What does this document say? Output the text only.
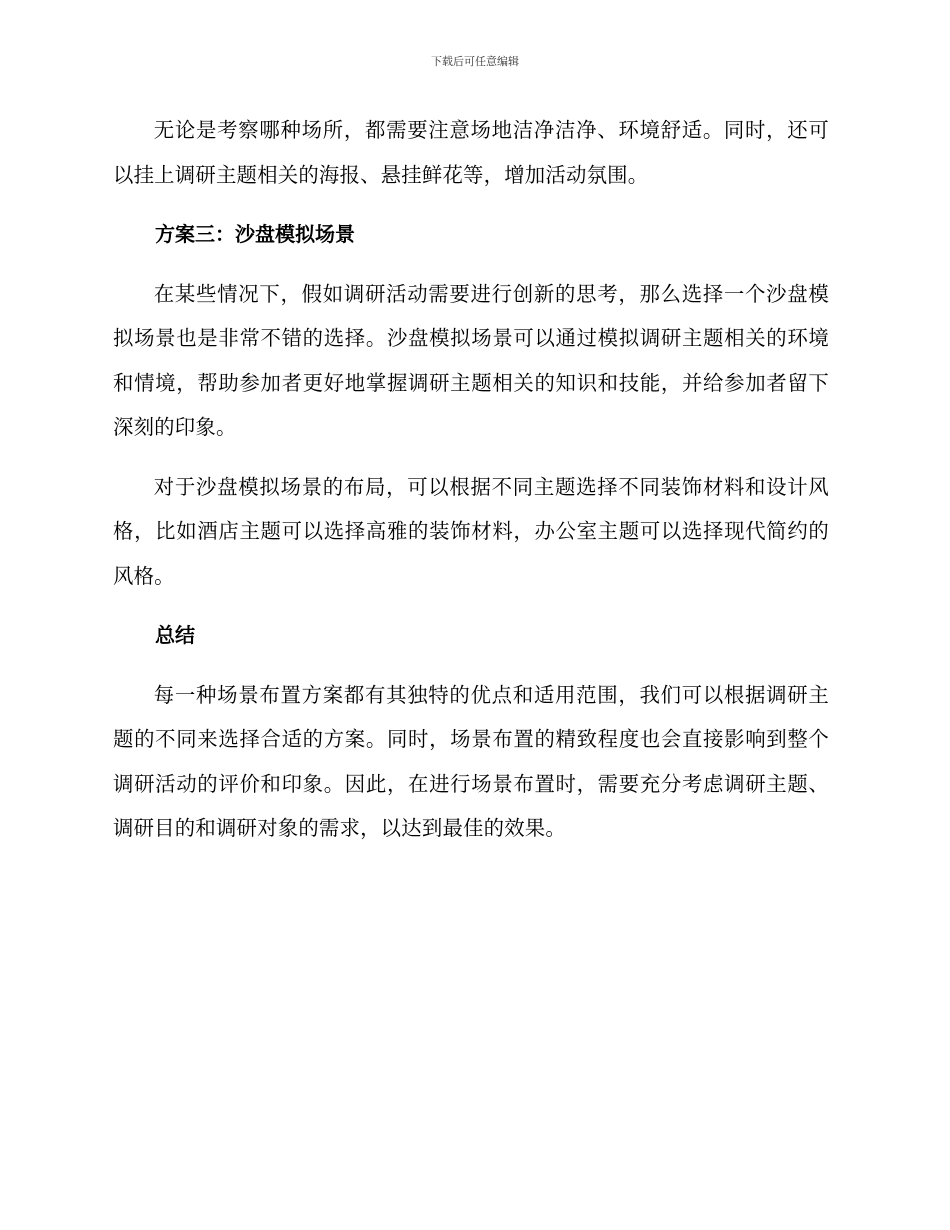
下载后可任意编辑

无论是考察哪种场所，都需要注意场地洁净洁净、环境舒适。同时，还可以挂上调研主题相关的海报、悬挂鲜花等，增加活动氛围。

方案三：沙盘模拟场景

在某些情况下，假如调研活动需要进行创新的思考，那么选择一个沙盘模拟场景也是非常不错的选择。沙盘模拟场景可以通过模拟调研主题相关的环境和情境，帮助参加者更好地掌握调研主题相关的知识和技能，并给参加者留下深刻的印象。

对于沙盘模拟场景的布局，可以根据不同主题选择不同装饰材料和设计风格，比如酒店主题可以选择高雅的装饰材料，办公室主题可以选择现代简约的风格。

总结

每一种场景布置方案都有其独特的优点和适用范围，我们可以根据调研主题的不同来选择合适的方案。同时，场景布置的精致程度也会直接影响到整个调研活动的评价和印象。因此，在进行场景布置时，需要充分考虑调研主题、调研目的和调研对象的需求，以达到最佳的效果。
